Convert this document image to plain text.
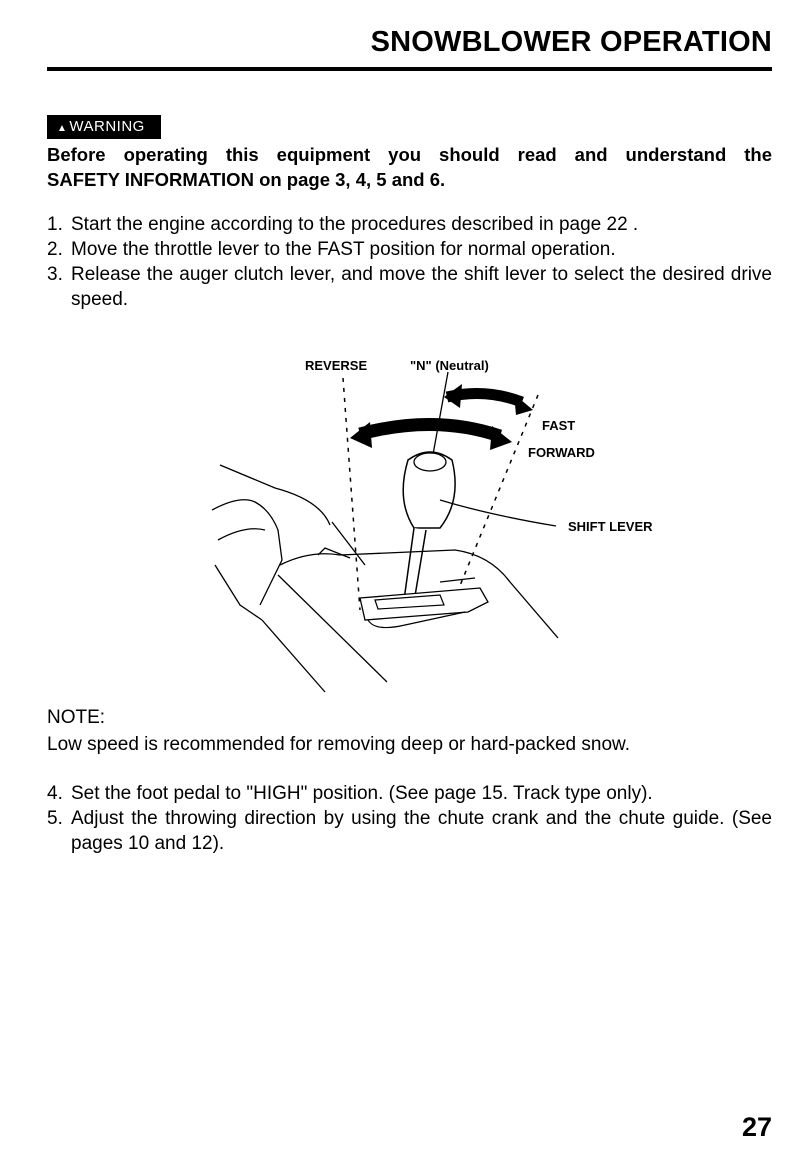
SNOWBLOWER OPERATION
▲ WARNING
Before operating this equipment you should read and understand the
SAFETY INFORMATION on page 3, 4, 5 and 6.
1. Start the engine according to the procedures described in page 22 .
2. Move the throttle lever to the FAST position for normal operation.
3. Release the auger clutch lever, and move the shift lever to select the desired drive speed.
REVERSE	"N" (Neutral)
FAST
FORWARD
SHIFT LEVER
NOTE:
Low speed is recommended for removing deep or hard-packed snow.
4. Set the foot pedal to "HIGH" position. (See page 15. Track type only).
5. Adjust the throwing direction by using the chute crank and the chute guide. (See pages 10 and 12).
27
